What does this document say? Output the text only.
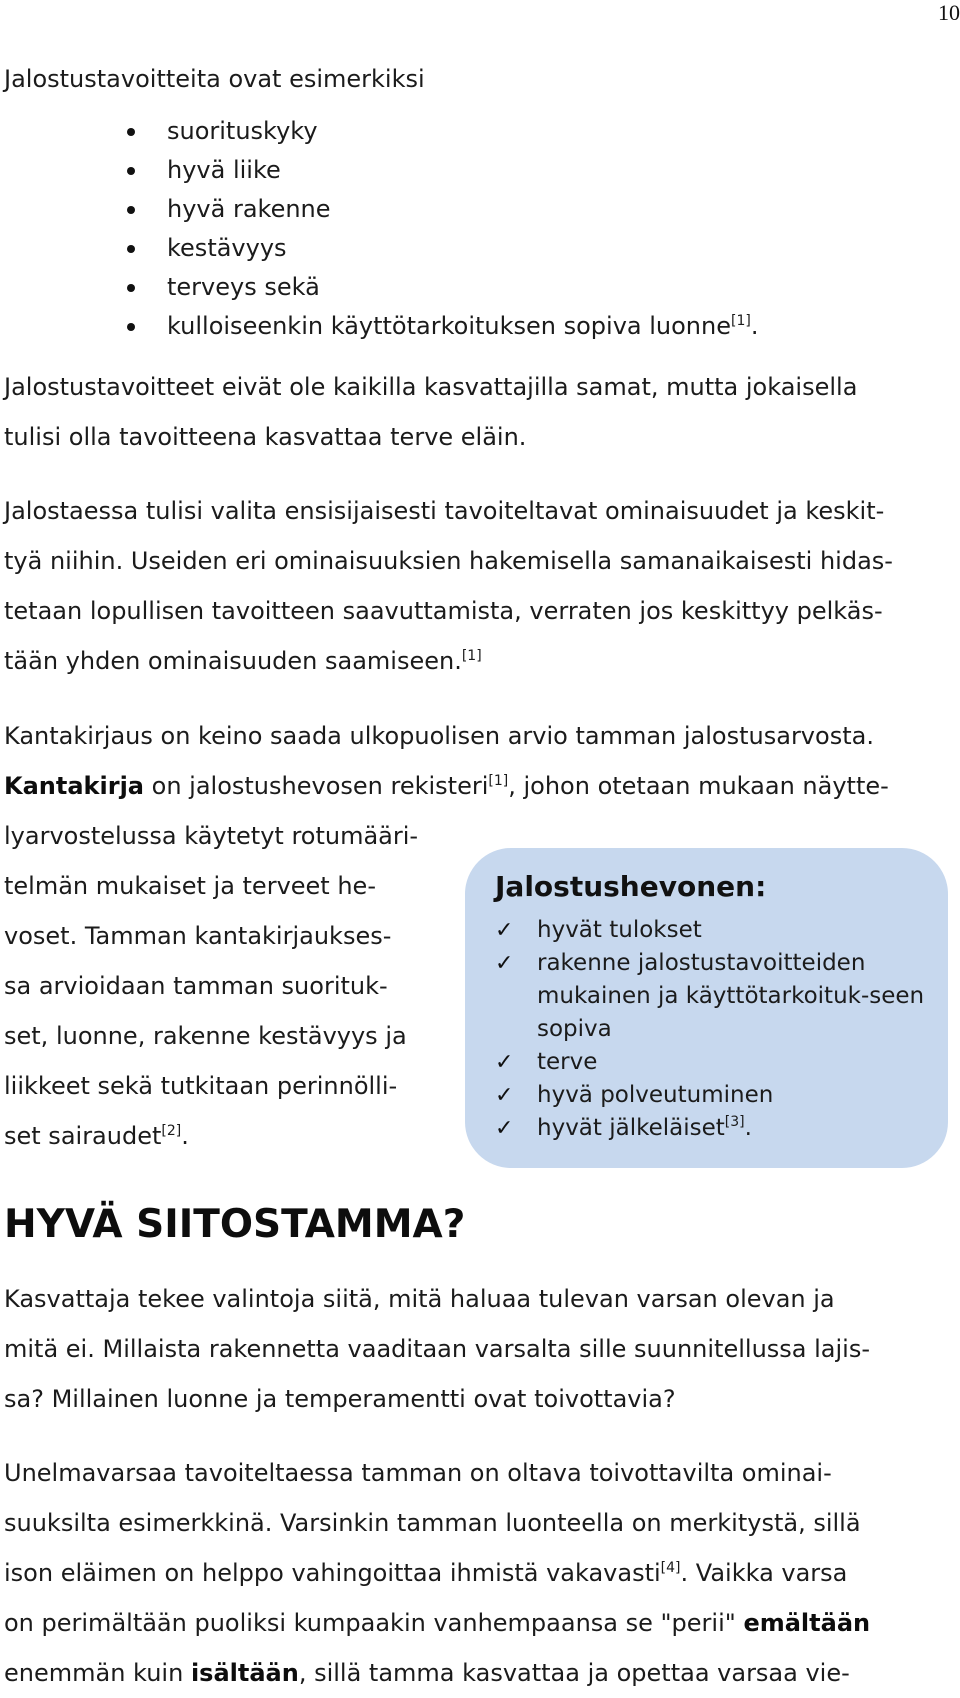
10
Jalostustavoitteita ovat esimerkiksi
suorituskyky
hyvä liike
hyvä rakenne
kestävyys
terveys sekä
kulloiseenkin käyttötarkoituksen sopiva luonne[1].
Jalostustavoitteet eivät ole kaikilla kasvattajilla samat, mutta jokaisella
tulisi olla tavoitteena kasvattaa terve eläin.
Jalostaessa tulisi valita ensisijaisesti tavoiteltavat ominaisuudet ja keskit-
tyä niihin. Useiden eri ominaisuuksien hakemisella samanaikaisesti hidas-
tetaan lopullisen tavoitteen saavuttamista, verraten jos keskittyy pelkäs-
tään yhden ominaisuuden saamiseen.[1]
Kantakirjaus on keino saada ulkopuolisen arvio tamman jalostusarvosta.
Kantakirja on jalostushevosen rekisteri[1], johon otetaan mukaan näytte-
lyarvostelussa käytetyt rotumääri-
telmän mukaiset ja terveet he-
voset. Tamman kantakirjaukses-
sa arvioidaan tamman suorituk-
set, luonne, rakenne kestävyys ja
liikkeet sekä tutkitaan perinnölli-
set sairaudet[2].
Jalostushevonen:
✓ hyvät tulokset
✓ rakenne jalostustavoitteiden mukainen ja käyttötarkoituk-seen sopiva
✓ terve
✓ hyvä polveutuminen
✓ hyvät jälkeläiset[3].
HYVÄ SIITOSTAMMA?
Kasvattaja tekee valintoja siitä, mitä haluaa tulevan varsan olevan ja
mitä ei. Millaista rakennetta vaaditaan varsalta sille suunnitellussa lajis-
sa? Millainen luonne ja temperamentti ovat toivottavia?
Unelmavarsaa tavoiteltaessa tamman on oltava toivottavilta ominai-
suuksilta esimerkkinä. Varsinkin tamman luonteella on merkitystä, sillä
ison eläimen on helppo vahingoittaa ihmistä vakavasti[4]. Vaikka varsa
on perimältään puoliksi kumpaakin vanhempaansa se "perii" emältään
enemmän kuin isältään, sillä tamma kasvattaa ja opettaa varsaa vie-
